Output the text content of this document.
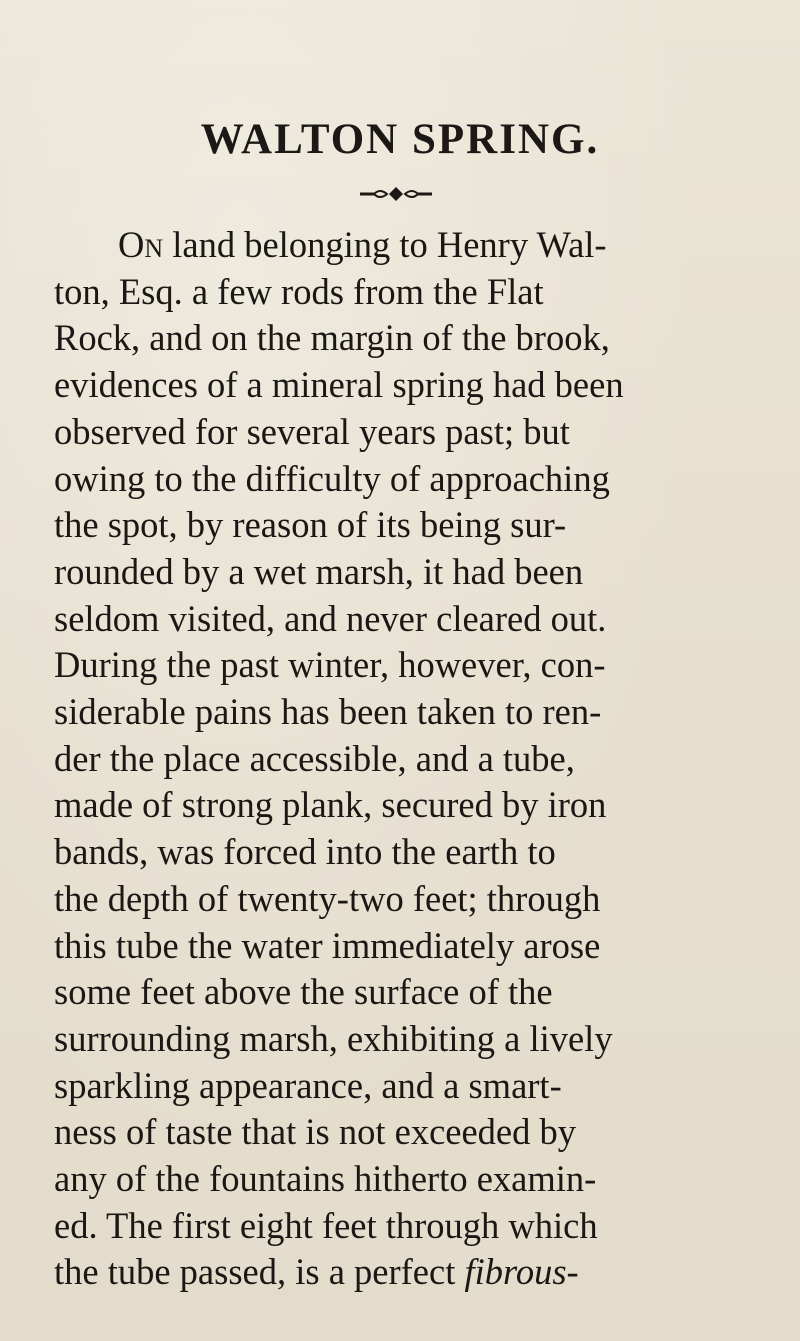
WALTON SPRING.
On land belonging to Henry Wal-
ton, Esq. a few rods from the Flat
Rock, and on the margin of the brook,
evidences of a mineral spring had been
observed for several years past; but
owing to the difficulty of approaching
the spot, by reason of its being sur-
rounded by a wet marsh, it had been
seldom visited, and never cleared out.
During the past winter, however, con-
siderable pains has been taken to ren-
der the place accessible, and a tube,
made of strong plank, secured by iron
bands, was forced into the earth to
the depth of twenty-two feet; through
this tube the water immediately arose
some feet above the surface of the
surrounding marsh, exhibiting a lively
sparkling appearance, and a smart-
ness of taste that is not exceeded by
any of the fountains hitherto examin-
ed. The first eight feet through which
the tube passed, is a perfect fibrous-
